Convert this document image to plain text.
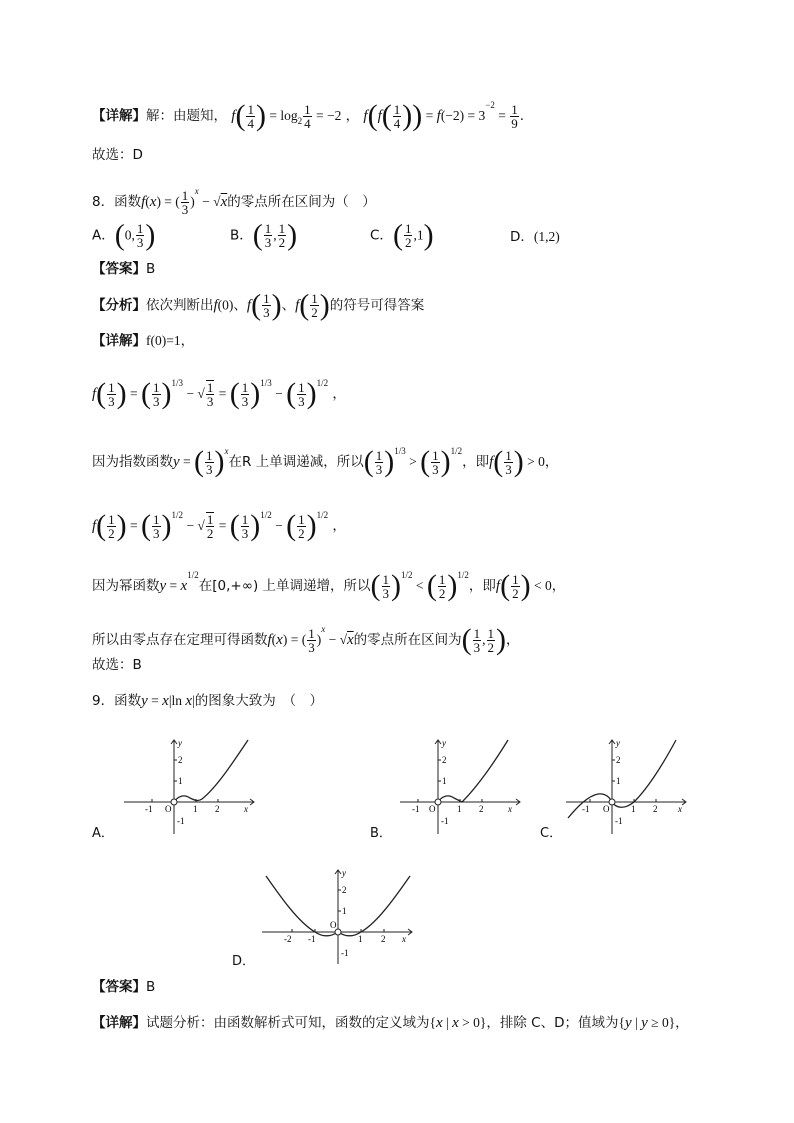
【详解】解：由题知， $f( \frac{1}{4}$ ) = $\log_2 \frac{1}{4} = -2$ ， $f(f( \frac{1}{4}$ )) = $f(-2) = 3^{-2} = \frac{1}{9}$ .
故选：D
8．函数f(x) = ( $\frac{1}{3} )^x - √x$的零点所在区间为（　）
A．(0, $\frac{1}{3}$ )	B．( $\frac{1}{3}$ , $\frac{1}{2}$ )	C．( $\frac{1}{2} ,1$)	D．(1,2)
【答案】B
【分析】依次判断出f(0)、$f( \frac{1}{3}$ )、$f( \frac{1}{2}$ )的符号可得答案
【详解】f(0)=1，
$f( \frac{1}{3}$ ) = ( $\frac{1}{3} )^{1/3}$ − √ $\frac{1}{3}$ = ( $\frac{1}{3} )^{1/3}$ − ( $\frac{1}{3} )^{1/2}$ ，
因为指数函数y = ( $\frac{1}{3} )^x$在R 上单调递减，所以( $\frac{1}{3} )^{1/3}$ > ( $\frac{1}{3} )^{1/2}$，即$f( \frac{1}{3}$ ) > 0，
$f( \frac{1}{2}$ ) = ( $\frac{1}{3} )^{1/2}$ − √ $\frac{1}{2}$ = ( $\frac{1}{3} )^{1/2}$ − ( $\frac{1}{2} )^{1/2}$ ，
因为幂函数$y = x^{1/2}$在[0,+∞) 上单调递增，所以( $\frac{1}{3} )^{1/2}$ < ( $\frac{1}{2} )^{1/2}$，即$f( \frac{1}{2}$ ) < 0，
所以由零点存在定理可得函数f(x) = ( $\frac{1}{3} )^x - √x$的零点所在区间为( $\frac{1}{3}$ , $\frac{1}{2}$ )，
故选：B
9．函数y = x|ln x|的图象大致为　（　）
y
2
1
-1 O 1 2	x
-1
A．
y
2
1
-1 O 1 2	x
-1
B．
y
2
1
-1 O 1 2 x
-1
C．
y
2
1
-2 -1
O
1 2 x
-1
D．
【答案】B
【详解】试题分析：由函数解析式可知，函数的定义域为{x | x > 0}，排除 C、D；值域为{y | y ≥ 0}，
